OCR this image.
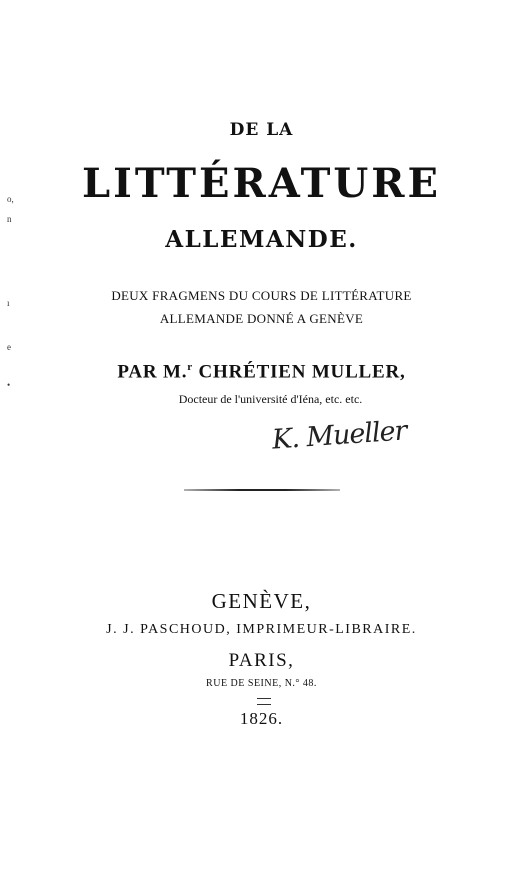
o,
n
ı
e
•
DE LA
LITTÉRATURE
ALLEMANDE.
DEUX FRAGMENS DU COURS DE LITTÉRATURE
ALLEMANDE DONNÉ A GENÈVE
PAR M.$^r$ CHRÉTIEN MULLER,
Docteur de l'université d'Iéna, etc. etc.
K. Mueller
GENÈVE,
J. J. PASCHOUD, IMPRIMEUR-LIBRAIRE.
PARIS,
RUE DE SEINE, N.° 48.
1826.
